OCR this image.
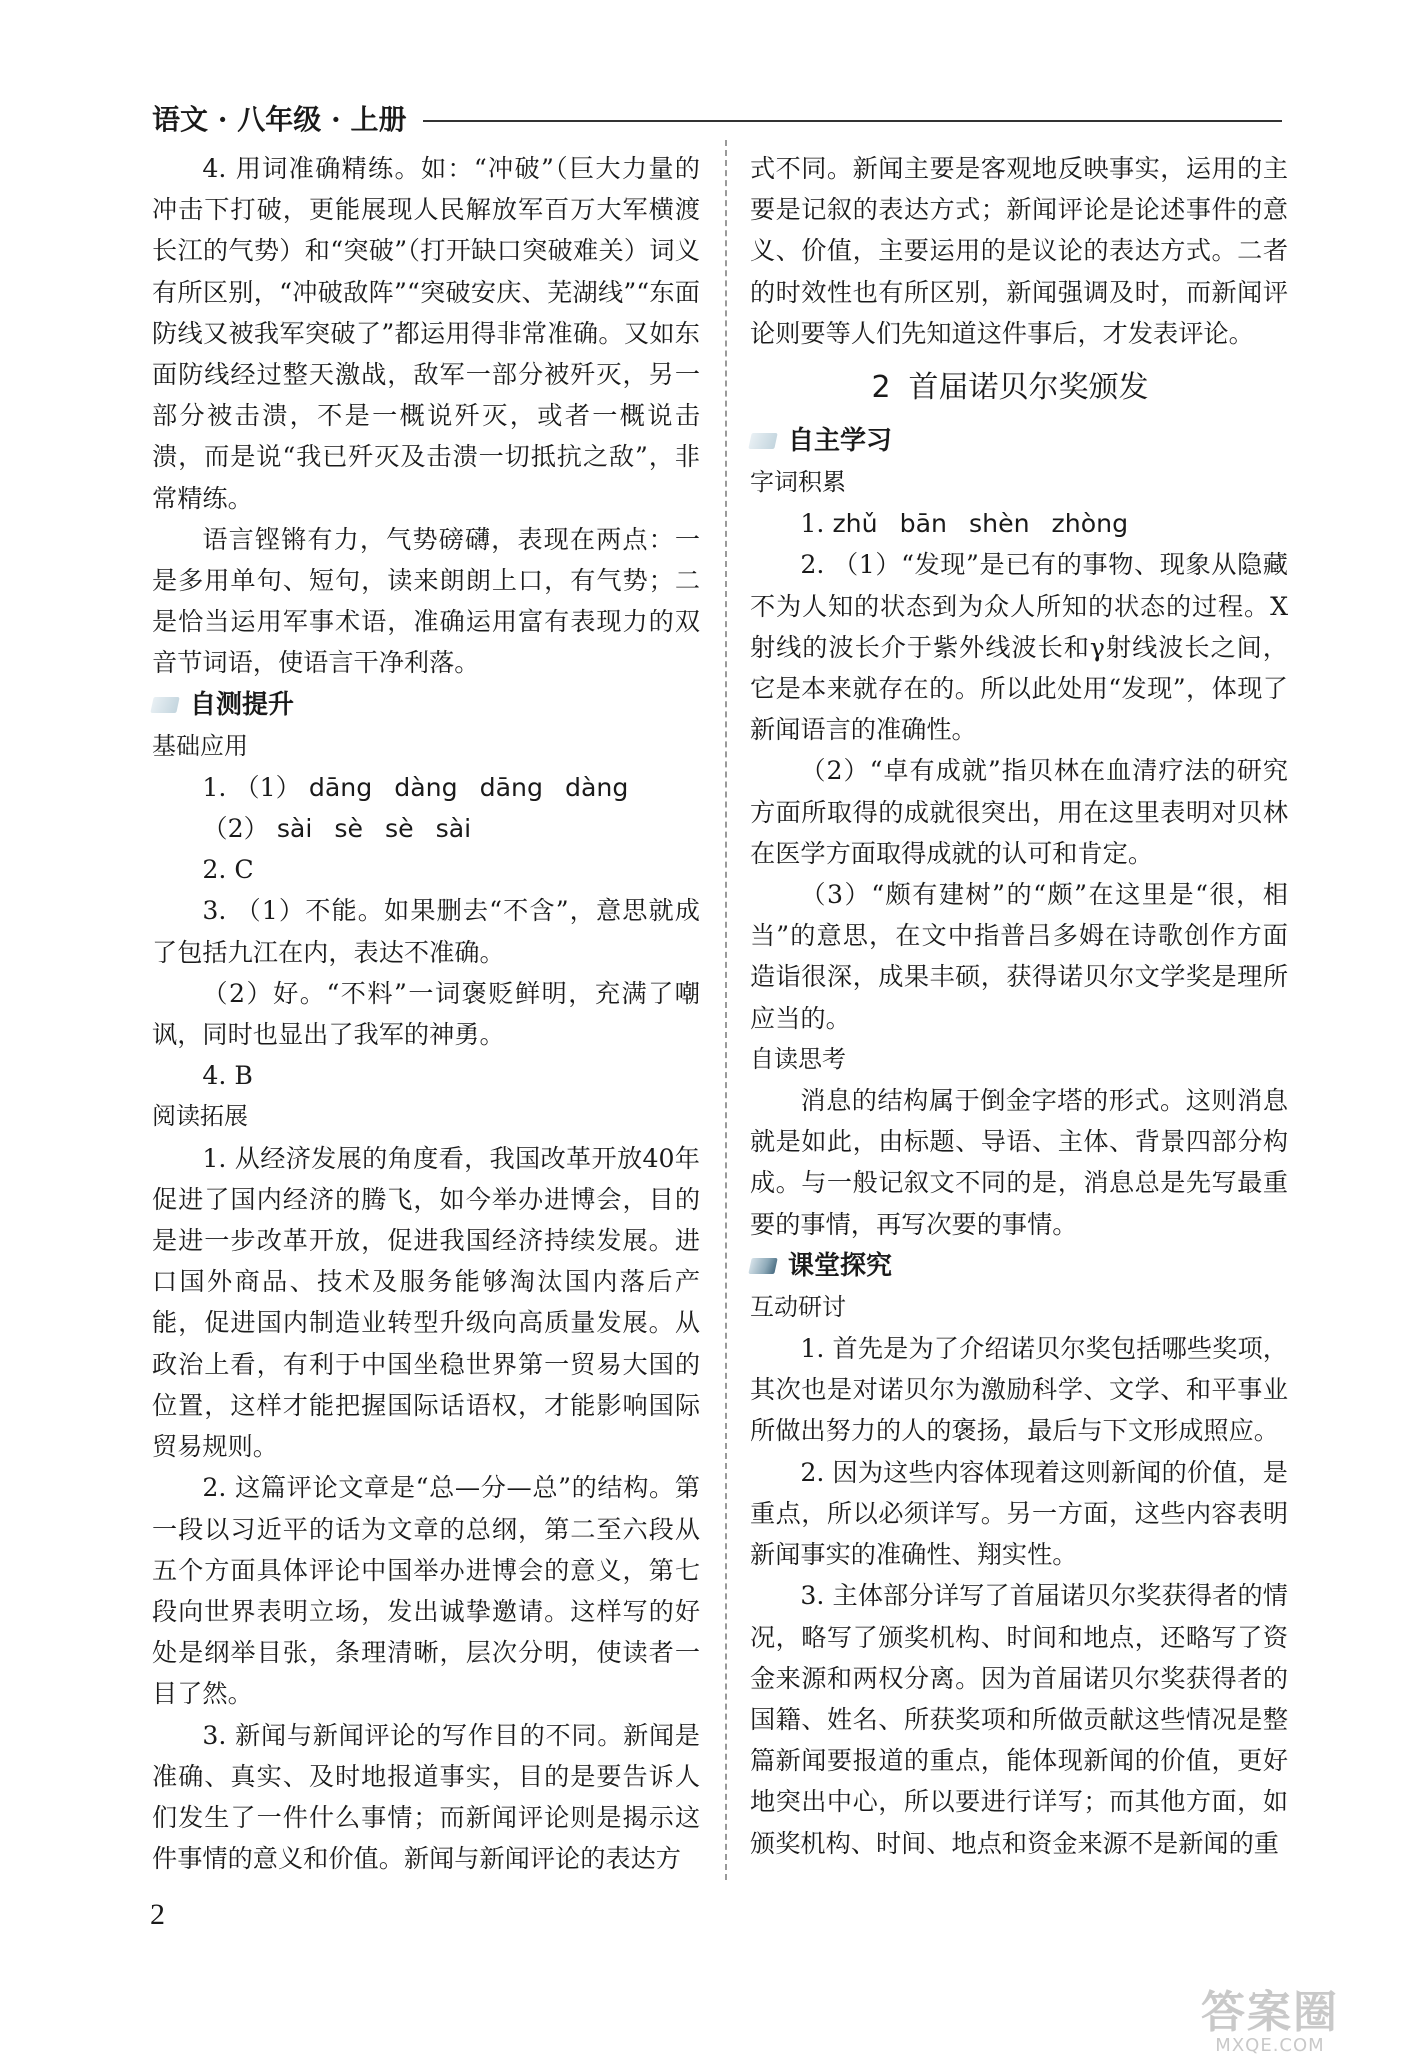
语文 · 八年级 · 上册

4. 用词准确精练。如：“冲破”（巨大力量的冲击下打破，更能展现人民解放军百万大军横渡长江的气势）和“突破”（打开缺口突破难关）词义有所区别，“冲破敌阵”“突破安庆、芜湖线”“东面防线又被我军突破了”都运用得非常准确。又如东面防线经过整天激战，敌军一部分被歼灭，另一部分被击溃，不是一概说歼灭，或者一概说击溃，而是说“我已歼灭及击溃一切抵抗之敌”，非常精练。

语言铿锵有力，气势磅礴，表现在两点：一是多用单句、短句，读来朗朗上口，有气势；二是恰当运用军事术语，准确运用富有表现力的双音节词语，使语言干净利落。

自测提升

基础应用

1. （1） dāng dàng dāng dàng

（2） sài sè sè sài

2. C

3. （1）不能。如果删去“不含”，意思就成了包括九江在内，表达不准确。

（2）好。“不料”一词褒贬鲜明，充满了嘲讽，同时也显出了我军的神勇。

4. B

阅读拓展

1. 从经济发展的角度看，我国改革开放40年促进了国内经济的腾飞，如今举办进博会，目的是进一步改革开放，促进我国经济持续发展。进口国外商品、技术及服务能够淘汰国内落后产能，促进国内制造业转型升级向高质量发展。从政治上看，有利于中国坐稳世界第一贸易大国的位置，这样才能把握国际话语权，才能影响国际贸易规则。

2. 这篇评论文章是“总—分—总”的结构。第一段以习近平的话为文章的总纲，第二至六段从五个方面具体评论中国举办进博会的意义，第七段向世界表明立场，发出诚挚邀请。这样写的好处是纲举目张，条理清晰，层次分明，使读者一目了然。

3. 新闻与新闻评论的写作目的不同。新闻是准确、真实、及时地报道事实，目的是要告诉人们发生了一件什么事情；而新闻评论则是揭示这件事情的意义和价值。新闻与新闻评论的表达方

式不同。新闻主要是客观地反映事实，运用的主要是记叙的表达方式；新闻评论是论述事件的意义、价值，主要运用的是议论的表达方式。二者的时效性也有所区别，新闻强调及时，而新闻评论则要等人们先知道这件事后，才发表评论。

2 首届诺贝尔奖颁发
自主学习

字词积累

1. zhǔ bān shèn zhòng

2. （1）“发现”是已有的事物、现象从隐藏不为人知的状态到为众人所知的状态的过程。X射线的波长介于紫外线波长和γ射线波长之间，它是本来就存在的。所以此处用“发现”，体现了新闻语言的准确性。

（2）“卓有成就”指贝林在血清疗法的研究方面所取得的成就很突出，用在这里表明对贝林在医学方面取得成就的认可和肯定。

（3）“颇有建树”的“颇”在这里是“很，相当”的意思，在文中指普吕多姆在诗歌创作方面造诣很深，成果丰硕，获得诺贝尔文学奖是理所应当的。

自读思考

消息的结构属于倒金字塔的形式。这则消息就是如此，由标题、导语、主体、背景四部分构成。与一般记叙文不同的是，消息总是先写最重要的事情，再写次要的事情。

课堂探究

互动研讨

1. 首先是为了介绍诺贝尔奖包括哪些奖项，其次也是对诺贝尔为激励科学、文学、和平事业所做出努力的人的褒扬，最后与下文形成照应。

2. 因为这些内容体现着这则新闻的价值，是重点，所以必须详写。另一方面，这些内容表明新闻事实的准确性、翔实性。

3. 主体部分详写了首届诺贝尔奖获得者的情况，略写了颁奖机构、时间和地点，还略写了资金来源和两权分离。因为首届诺贝尔奖获得者的国籍、姓名、所获奖项和所做贡献这些情况是整篇新闻要报道的重点，能体现新闻的价值，更好地突出中心，所以要进行详写；而其他方面，如颁奖机构、时间、地点和资金来源不是新闻的重

2
答案圈
MXQE.COM
